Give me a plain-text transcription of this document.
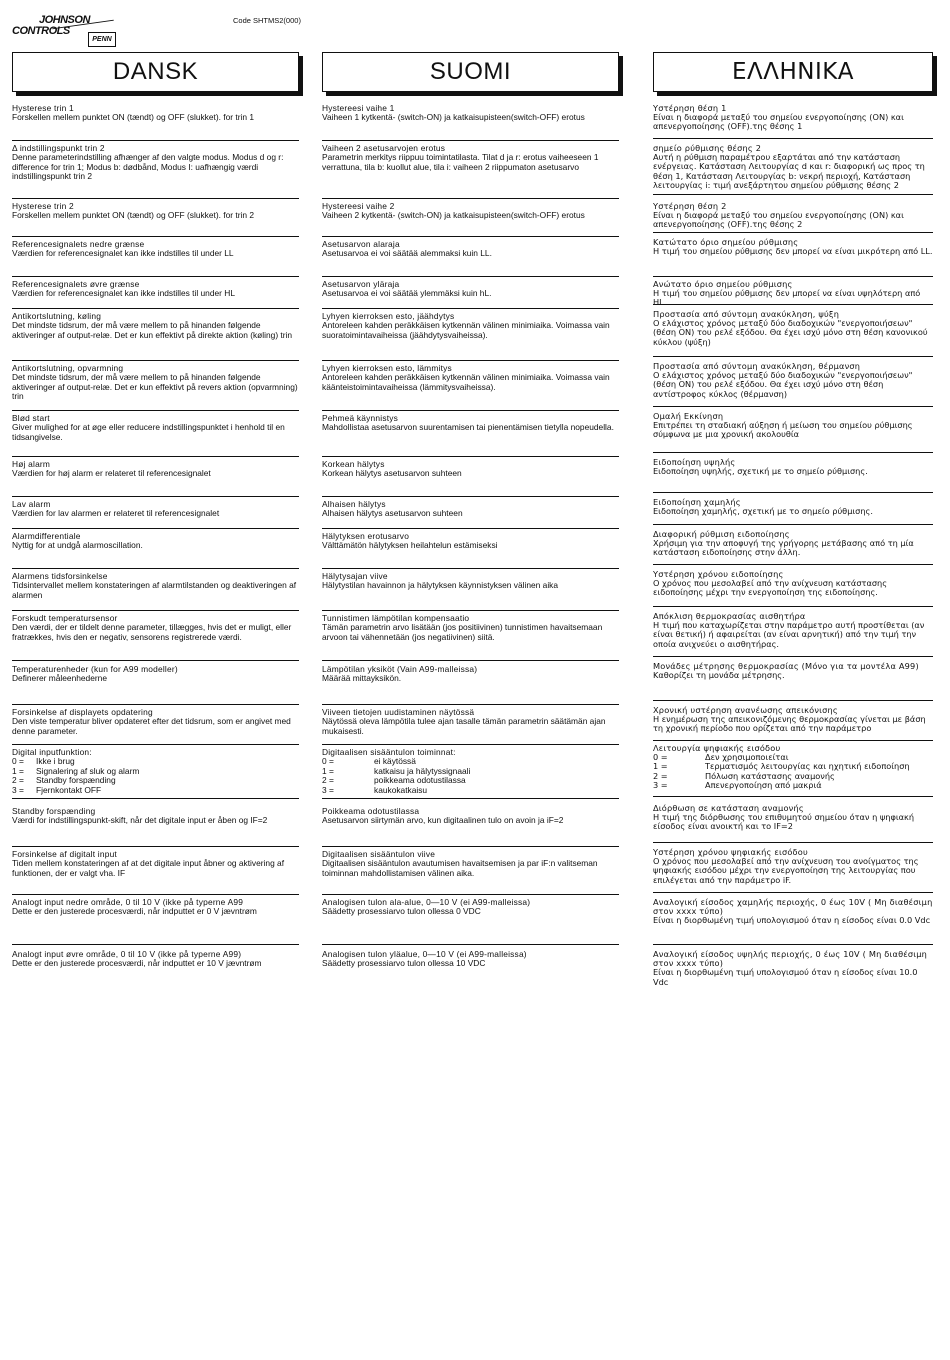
JOHNSON
CONTROLS
PENN
Code SHTMS2(000)
DANSK
Hysterese trin 1
Forskellen mellem punktet ON (tændt) og OFF (slukket). for trin 1
Δ indstillingspunkt trin 2
Denne parameterindstilling afhænger af den valgte modus. Modus d og r: difference for trin 1; Modus b: dødbånd, Modus I: uafhængig værdi indstillingspunkt trin 2
Hysterese trin 2
Forskellen mellem punktet ON (tændt) og OFF (slukket). for trin 2
Referencesignalets nedre grænse
Værdien for referencesignalet kan ikke indstilles til under LL
Referencesignalets øvre grænse
Værdien for referencesignalet kan ikke indstilles til under HL
Antikortslutning, køling
Det mindste tidsrum, der må være mellem to på hinanden følgende aktiveringer af output-relæ. Det er kun effektivt på direkte aktion (køling) trin
Antikortslutning, opvarmning
Det mindste tidsrum, der må være mellem to på hinanden følgende aktiveringer af output-relæ. Det er kun effektivt på revers aktion (opvarmning) trin
Blød start
Giver mulighed for at øge eller reducere indstillingspunktet i henhold til en tidsangivelse.
Høj alarm
Værdien for høj alarm er relateret til referencesignalet
Lav alarm
Værdien for lav alarmen er relateret til referencesignalet
Alarmdifferentiale
Nyttig for at undgå alarmoscillation.
Alarmens tidsforsinkelse
Tidsintervallet mellem konstateringen af alarmtilstanden og deaktiveringen af alarmen
Forskudt temperatursensor
Den værdi, der er tildelt denne parameter, tillægges, hvis det er muligt, eller fratrækkes, hvis den er negativ, sensorens registrerede værdi.
Temperaturenheder (kun for A99 modeller)
Definerer måleenhederne
Forsinkelse af displayets opdatering
Den viste temperatur bliver opdateret efter det tidsrum, som er angivet med denne parameter.
Digital inputfunktion:
0 =	Ikke i brug
1 =	Signalering af sluk og alarm
2 =	Standby forspænding
3 =	Fjernkontakt OFF
Standby forspænding
Værdi for indstillingspunkt-skift, når det digitale input er åben og IF=2
Forsinkelse af digitalt input
Tiden mellem konstateringen af at det digitale input åbner og aktivering af funktionen, der er valgt vha. IF
Analogt input nedre område, 0 til 10 V (ikke på typerne A99
Dette er den justerede procesværdi, når indputtet er 0 V jævntrøm
Analogt input øvre område, 0 til 10 V (ikke på typerne A99)
Dette er den justerede procesværdi, når indputtet er 10 V jævntrøm
SUOMI
Hystereesi vaihe 1
Vaiheen 1 kytkentä- (switch-ON) ja katkaisupisteen(switch-OFF) erotus
Vaiheen 2 asetusarvojen erotus
Parametrin merkitys riippuu toimintatilasta. Tilat d ja r: erotus vaiheeseen 1 verrattuna, tila b: kuollut alue, tila i: vaiheen 2 riippumaton asetusarvo
Hystereesi vaihe 2
Vaiheen 2 kytkentä- (switch-ON) ja katkaisupisteen(switch-OFF) erotus
Asetusarvon alaraja
Asetusarvoa ei voi säätää alemmaksi kuin LL.
Asetusarvon yläraja
Asetusarvoa ei voi säätää ylemmäksi kuin hL.
Lyhyen kierroksen esto, jäähdytys
Antoreleen kahden peräkkäisen kytkennän välinen minimiaika. Voimassa vain suoratoimintavaiheissa (jäähdytysvaiheissa).
Lyhyen kierroksen esto, lämmitys
Antoreleen kahden peräkkäisen kytkennän välinen minimiaika. Voimassa vain käänteistoimintavaiheissa (lämmitysvaiheissa).
Pehmeä käynnistys
Mahdollistaa asetusarvon suurentamisen tai pienentämisen tietylla nopeudella.
Korkean hälytys
Korkean hälytys asetusarvon suhteen
Alhaisen hälytys
Alhaisen hälytys asetusarvon suhteen
Hälytyksen erotusarvo
Välttämätön hälytyksen heilahtelun estämiseksi
Hälytysajan viive
Hälytystilan havainnon ja hälytyksen käynnistyksen välinen aika
Tunnistimen lämpötilan kompensaatio
Tämän parametrin arvo lisätään (jos positiivinen) tunnistimen havaitsemaan arvoon tai vähennetään (jos negatiivinen) siitä.
Lämpötilan yksiköt (Vain A99-malleissa)
Määrää mittayksikön.
Viiveen tietojen uudistaminen näytössä
Näytössä oleva lämpötila tulee ajan tasalle tämän parametrin säätämän ajan mukaisesti.
Digitaalisen sisääntulon toiminnat:
0 =	ei käytössä
1 =	katkaisu ja hälytyssignaali
2 =	poikkeama odotustilassa
3 =	kaukokatkaisu
Poikkeama odotustilassa
Asetusarvon siirtymän arvo, kun digitaalinen tulo on avoin ja iF=2
Digitaalisen sisääntulon viive
Digitaalisen sisääntulon avautumisen havaitsemisen ja par iF:n valitseman toiminnan mahdollistamisen välinen aika.
Analogisen tulon ala-alue, 0—10 V (ei A99-malleissa)
Säädetty prosessiarvo tulon ollessa 0 VDC
Analogisen tulon yläalue, 0—10 V (ei A99-malleissa)
Säädetty prosessiarvo tulon ollessa 10 VDC
ΕΛΛΗΝΙΚΑ
Υστέρηση θέση 1
Είναι η διαφορά μεταξύ του σημείου ενεργοποίησης (ON) και απενεργοποίησης (OFF).της θέσης 1
σημείο ρύθμισης θέσης 2
Αυτή η ρύθμιση παραμέτρου εξαρτάται από την κατάσταση ενέργειας. Κατάσταση Λειτουργίας d και r: διαφορική ως προς τη θέση 1, Κατάσταση Λειτουργίας b: νεκρή περιοχή, Κατάσταση λειτουργίας i: τιμή ανεξάρτητου σημείου ρύθμισης θέσης 2
Υστέρηση θέση 2
Είναι η διαφορά μεταξύ του σημείου ενεργοποίησης (ON) και απενεργοποίησης (OFF).της θέσης 2
Κατώτατο όριο σημείου ρύθμισης
Η τιμή του σημείου ρύθμισης δεν μπορεί να είναι μικρότερη από LL.
Ανώτατο όριο σημείου ρύθμισης
Η τιμή του σημείου ρύθμισης δεν μπορεί να είναι υψηλότερη από HL.
Προστασία από σύντομη ανακύκληση, ψύξη
Ο ελάχιστος χρόνος μεταξύ δύο διαδοχικών "ενεργοποιήσεων" (θέση ON) του ρελέ εξόδου. Θα έχει ισχύ μόνο στη θέση κανονικού κύκλου (ψύξη)
Προστασία από σύντομη ανακύκληση, θέρμανση
Ο ελάχιστος χρόνος μεταξύ δύο διαδοχικών "ενεργοποιήσεων" (θέση ON) του ρελέ εξόδου. Θα έχει ισχύ μόνο στη θέση αντίστροφος κύκλος (θέρμανση)
Ομαλή Εκκίνηση
Επιτρέπει τη σταδιακή αύξηση ή μείωση του σημείου ρύθμισης σύμφωνα με μια χρονική ακολουθία
Ειδοποίηση υψηλής
Ειδοποίηση υψηλής, σχετική με το σημείο ρύθμισης.
Ειδοποίηση χαμηλής
Ειδοποίηση χαμηλής, σχετική με το σημείο ρύθμισης.
Διαφορική ρύθμιση ειδοποίησης
Χρήσιμη για την αποφυγή της γρήγορης μετάβασης από τη μία κατάσταση ειδοποίησης στην άλλη.
Υστέρηση χρόνου ειδοποίησης
Ο χρόνος που μεσολαβεί από την ανίχνευση κατάστασης ειδοποίησης μέχρι την ενεργοποίηση της ειδοποίησης.
Απόκλιση θερμοκρασίας αισθητήρα
Η τιμή που καταχωρίζεται στην παράμετρο αυτή προστίθεται (αν είναι θετική) ή αφαιρείται (αν είναι αρνητική) από την τιμή την οποία ανιχνεύει ο αισθητήρας.
Μονάδες μέτρησης θερμοκρασίας (Μόνο για τα μοντέλα A99)
Καθορίζει τη μονάδα μέτρησης.
Χρονική υστέρηση ανανέωσης απεικόνισης
Η ενημέρωση της απεικονιζόμενης θερμοκρασίας γίνεται με βάση τη χρονική περίοδο που ορίζεται από την παράμετρο
Λειτουργία ψηφιακής εισόδου
0 =	Δεν χρησιμοποιείται
1 =	Τερματισμός λειτουργίας και ηχητική ειδοποίηση
2 =	Πόλωση κατάστασης αναμονής
3 =	Απενεργοποίηση από μακριά
Διόρθωση σε κατάσταση αναμονής
Η τιμή της διόρθωσης του επιθυμητού σημείου όταν η ψηφιακή είσοδος είναι ανοικτή και το IF=2
Υστέρηση χρόνου ψηφιακής εισόδου
Ο χρόνος που μεσολαβεί από την ανίχνευση του ανοίγματος της ψηφιακής εισόδου μέχρι την ενεργοποίηση της λειτουργίας που επιλέγεται από την παράμετρο iF.
Αναλογική είσοδος χαμηλής περιοχής, 0 έως 10V ( Μη διαθέσιμη στον xxxx τύπο)
Είναι η διορθωμένη τιμή υπολογισμού όταν η είσοδος είναι 0.0 Vdc
Αναλογική είσοδος υψηλής περιοχής, 0 έως 10V ( Μη διαθέσιμη στον xxxx τύπο)
Είναι η διορθωμένη τιμή υπολογισμού όταν η είσοδος είναι 10.0 Vdc
